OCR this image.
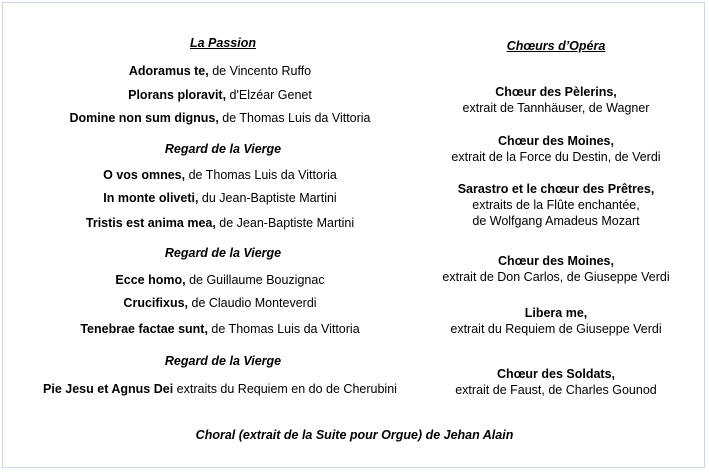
La Passion
Adoramus te, de Vincento Ruffo
Plorans ploravit, d'Elzéar Genet
Domine non sum dignus, de Thomas Luis da Vittoria
Regard de la Vierge
O vos omnes, de Thomas Luis da Vittoria
In monte oliveti, du Jean-Baptiste Martini
Tristis est anima mea, de Jean-Baptiste Martini
Regard de la Vierge
Ecce homo, de Guillaume Bouzignac
Crucifixus, de Claudio Monteverdi
Tenebrae factae sunt, de Thomas Luis da Vittoria
Regard de la Vierge
Pie Jesu et Agnus Dei extraits du Requiem en do de Cherubini
Chœurs d’Opéra
Chœur des Pèlerins,
extrait de Tannhäuser, de Wagner
Chœur des Moines,
extrait de la Force du Destin, de Verdi
Sarastro et le chœur des Prêtres,
extraits de la Flûte enchantée,
de Wolfgang Amadeus Mozart
Chœur des Moines,
extrait de Don Carlos, de Giuseppe Verdi
Libera me,
extrait du Requiem de Giuseppe Verdi
Chœur des Soldats,
extrait de Faust, de Charles Gounod
Choral (extrait de la Suite pour Orgue) de Jehan Alain
